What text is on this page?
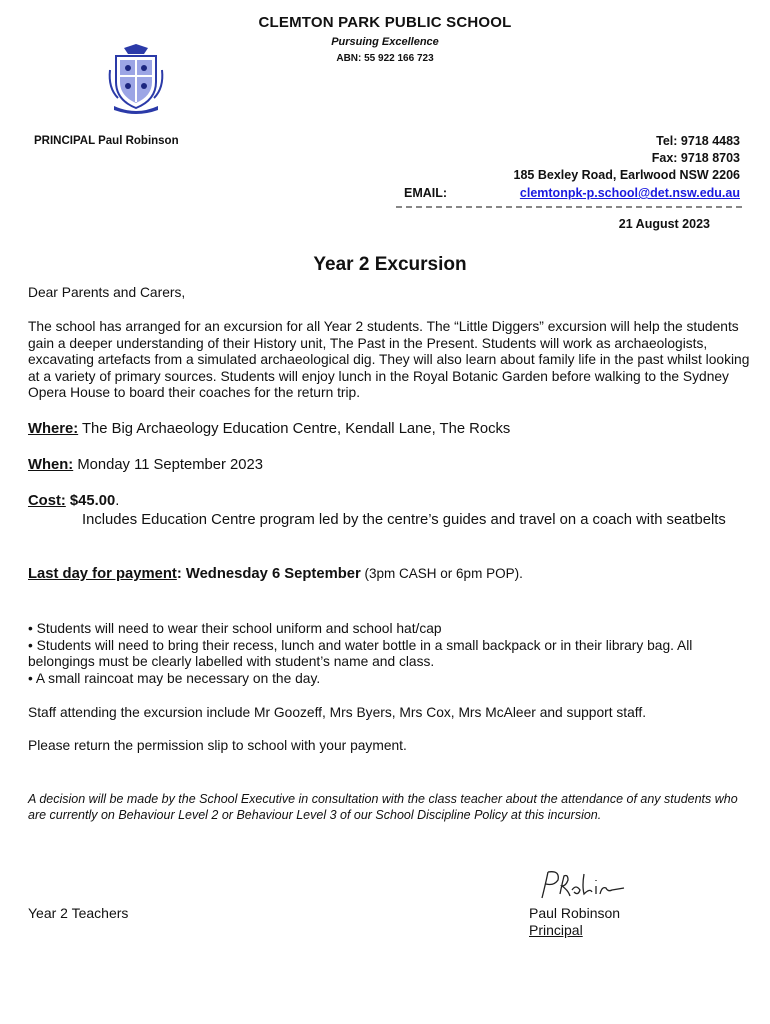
CLEMTON PARK PUBLIC SCHOOL
Pursuing Excellence
ABN: 55 922 166 723
PRINCIPAL Paul Robinson	Tel: 9718 4483
Fax: 9718 8703
185 Bexley Road, Earlwood NSW 2206
EMAIL:	clemtonpk-p.school@det.nsw.edu.au
21 August 2023
Year 2 Excursion
Dear Parents and Carers,
The school has arranged for an excursion for all Year 2 students. The “Little Diggers” excursion will help the students gain a deeper understanding of their History unit, The Past in the Present. Students will work as archaeologists, excavating artefacts from a simulated archaeological dig. They will also learn about family life in the past whilst looking at a variety of primary sources. Students will enjoy lunch in the Royal Botanic Garden before walking to the Sydney Opera House to board their coaches for the return trip.
Where: The Big Archaeology Education Centre, Kendall Lane, The Rocks
When: Monday 11 September 2023
Cost: $45.00.
Includes Education Centre program led by the centre’s guides and travel on a coach with seatbelts
Last day for payment: Wednesday 6 September (3pm CASH or 6pm POP).
• Students will need to wear their school uniform and school hat/cap
• Students will need to bring their recess, lunch and water bottle in a small backpack or in their library bag. All belongings must be clearly labelled with student’s name and class.
• A small raincoat may be necessary on the day.
Staff attending the excursion include Mr Goozeff, Mrs Byers, Mrs Cox, Mrs McAleer and support staff.
Please return the permission slip to school with your payment.
A decision will be made by the School Executive in consultation with the class teacher about the attendance of any students who are currently on Behaviour Level 2 or Behaviour Level 3 of our School Discipline Policy at this incursion.
Year 2 Teachers	Paul Robinson
Principal
